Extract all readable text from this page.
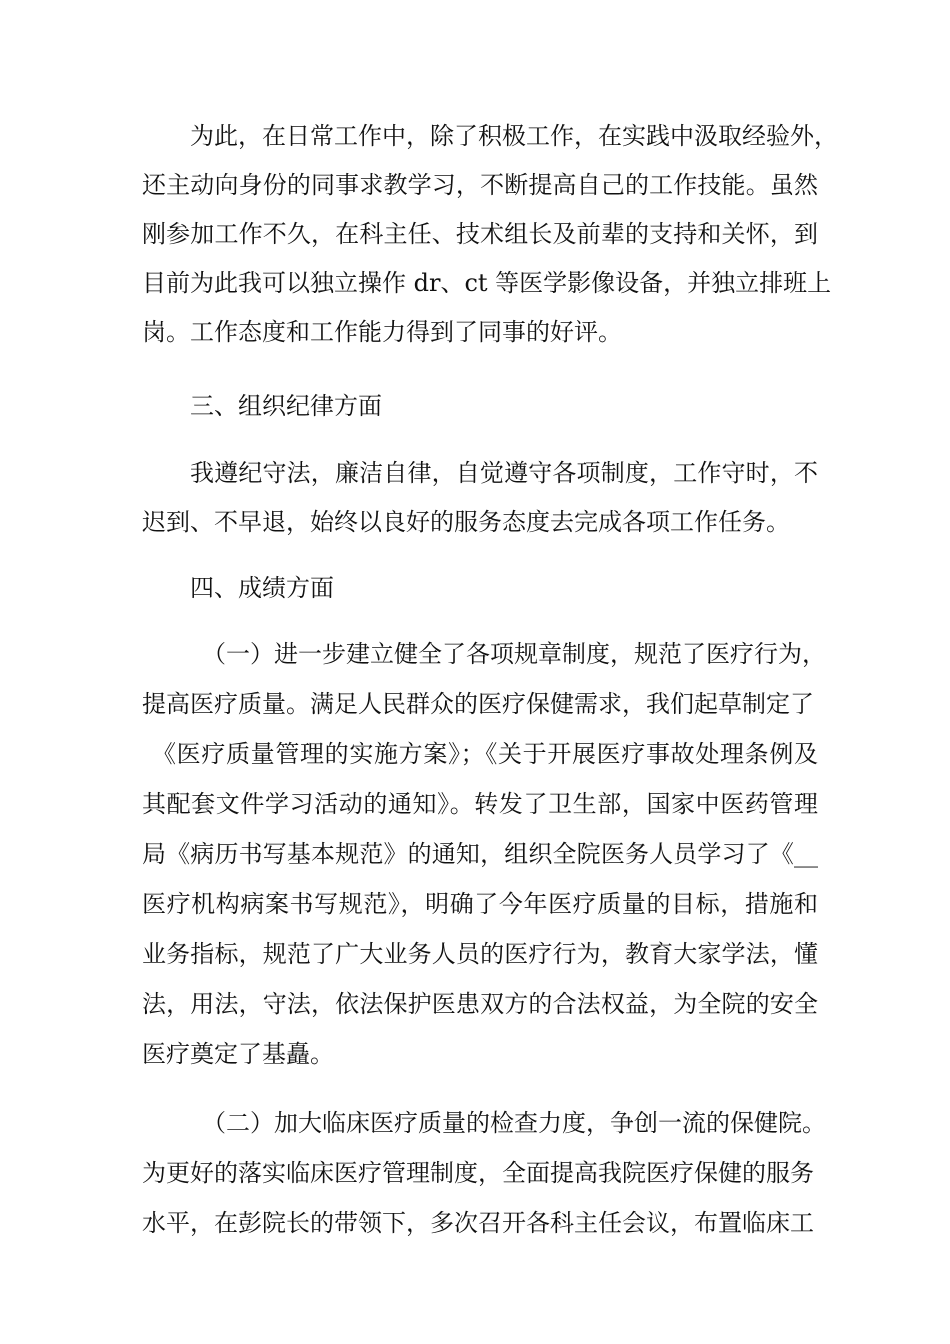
为此，在日常工作中，除了积极工作，在实践中汲取经验外，
还主动向身份的同事求教学习，不断提高自己的工作技能。虽然
刚参加工作不久，在科主任、技术组长及前辈的支持和关怀，到
目前为此我可以独立操作 dr、ct 等医学影像设备，并独立排班上
岗。工作态度和工作能力得到了同事的好评。
三、组织纪律方面
我遵纪守法，廉洁自律，自觉遵守各项制度，工作守时，不
迟到、不早退，始终以良好的服务态度去完成各项工作任务。
四、成绩方面
（一）进一步建立健全了各项规章制度，规范了医疗行为，
提高医疗质量。满足人民群众的医疗保健需求，我们起草制定了
《医疗质量管理的实施方案》；《关于开展医疗事故处理条例及
其配套文件学习活动的通知》。转发了卫生部，国家中医药管理
局《病历书写基本规范》的通知，组织全院医务人员学习了《__
医疗机构病案书写规范》，明确了今年医疗质量的目标，措施和
业务指标，规范了广大业务人员的医疗行为，教育大家学法，懂
法，用法，守法，依法保护医患双方的合法权益，为全院的安全
医疗奠定了基矗。
（二）加大临床医疗质量的检查力度，争创一流的保健院。
为更好的落实临床医疗管理制度，全面提高我院医疗保健的服务
水平，在彭院长的带领下，多次召开各科主任会议，布置临床工
